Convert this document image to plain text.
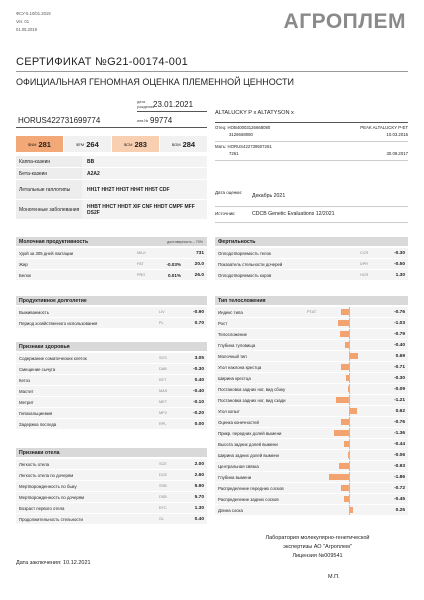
ФСУ-5.10/01.2019
Ver. 01
01.05.2019	АГРОПЛЕМ
СЕРТИФИКАТ №G21-00174-001
ОФИЦИАЛЬНАЯ ГЕНОМНАЯ ОЦЕНКА ПЛЕМЕННОЙ ЦЕННОСТИ
дата рождения
23.01.2021
HORUS422731699774	инв.№ 99774
$NM 281	$FM 264	$CM 283	$GM 284
Каппа-казеин	BB
Бета-казеин	A2A2
Летальные гаплотипы	HH1T HH2T HH3T HH4T HH5T CDF
Моногенные заболевания	HHBT HHCT HHDT XIF CNF HHDT CMPF MFF DS2F
ALTALUCKY P x ALTATYSON x
Отец: HOB40003126668080	PEAK ALTALUCKY P-ET
3126668080	10.03.2015
Мать: HORUS422739507261
7261	30.09.2017
Дата оценки:
Декабрь 2021
Источник:	CDCB Genetic Evaluations 12/2021
Молочная продуктивность	достоверность – 70%
Удой за 305 дней лактации	MILK	731
Жир	FAT	-0.03%	20.0
Белок	PRO	0.01%	26.0
Продуктивное долголетие
Выживаемость	LIV	-0.90
Период хозяйственного использования	PL	0.70
Признаки здоровья
Содержание соматических клеток	SCS	3.05
Смещение сычуга	DAB	-0.30
Кетоз	KET	0.40
Мастит	MAS	-0.40
Метрит	MET	-0.10
Гипокальциемия	MFV	-0.20
Задержка последа	RPL	0.00
Признаки отела
Легкость отела	SCE	2.00
Легкость отела по дочерям	DCE	2.60
Мертворожденность по быку	SSB	5.90
Мертворожденность по дочерям	DSB	5.70
Возраст первого отела	EFC	1.30
Продолжительность стельности	GL	0.40
Фертильность
Оплодотворяемость телок	CCR	-0.30
Показатель стельности дочерей	DPR	-0.50
Оплодотворяемость коров	HCR	1.30
Тип телосложения
Индекс типа	PTAT	-0.76
Рост	-1.03
Телосложение	-0.79
Глубина туловища	-0.40
Молочный тип	0.69
Угол наклона крестца	-0.71
Ширина крестца	-0.30
Постановка задних ног, вид сбоку	-0.09
Постановка задних ног, вид сзади	-1.21
Угол копыт	0.62
Оценка конечностей	-0.76
Прикр. передних долей вымени	-1.36
Высота задних долей вымени	-0.44
Ширина задних долей вымени	-0.06
Центральная связка	-0.93
Глубина вымени	-1.86
Распределение передних сосков	-0.72
Распределение задних сосков	-0.45
Длина соска	0.25
Дата заключения: 10.12.2021
Лаборатория молекулярно-генетической
экспертизы АО "Агроплем"
Лицензия №009541
М.П.
